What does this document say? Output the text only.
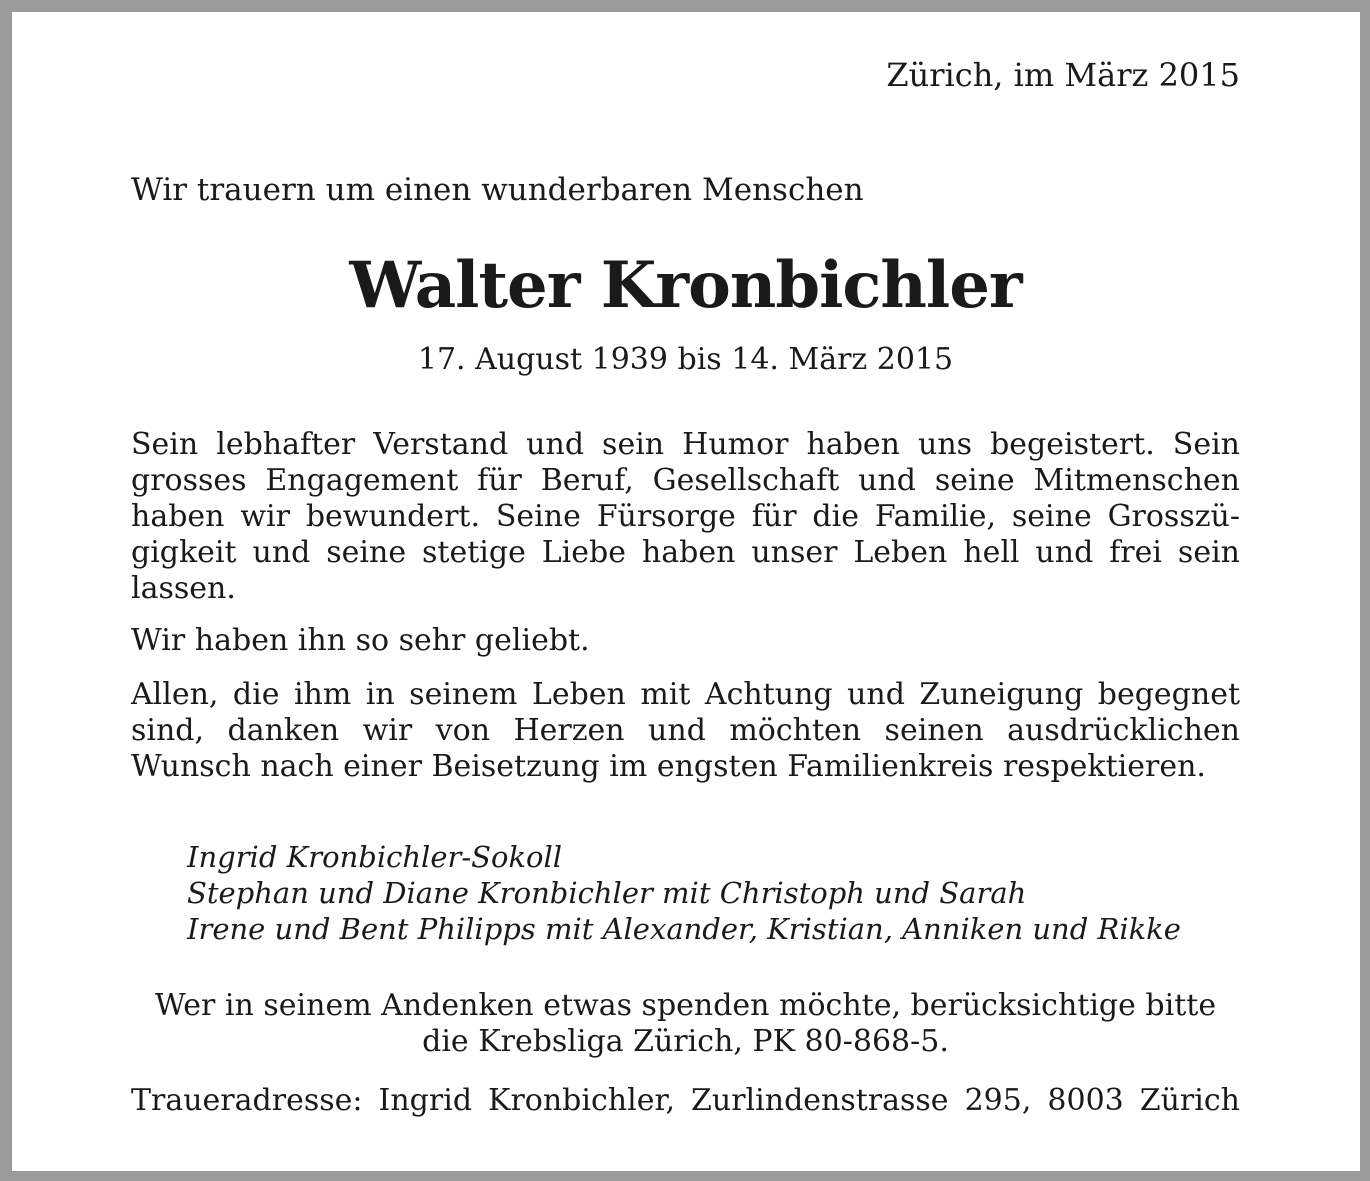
Zürich, im März 2015
Wir trauern um einen wunderbaren Menschen
Walter Kronbichler
17. August 1939 bis 14. März 2015
Sein lebhafter Verstand und sein Humor haben uns begeistert. Sein grosses Engagement für Beruf, Gesellschaft und seine Mitmenschen haben wir bewundert. Seine Fürsorge für die Familie, seine Grosszügigkeit und seine stetige Liebe haben unser Leben hell und frei sein lassen.
Wir haben ihn so sehr geliebt.
Allen, die ihm in seinem Leben mit Achtung und Zuneigung begegnet sind, danken wir von Herzen und möchten seinen ausdrücklichen Wunsch nach einer Beisetzung im engsten Familienkreis respektieren.
Ingrid Kronbichler-Sokoll
Stephan und Diane Kronbichler mit Christoph und Sarah
Irene und Bent Philipps mit Alexander, Kristian, Anniken und Rikke
Wer in seinem Andenken etwas spenden möchte, berücksichtige bitte
die Krebsliga Zürich, PK 80-868-5.
Traueradresse: Ingrid Kronbichler, Zurlindenstrasse 295, 8003 Zürich
